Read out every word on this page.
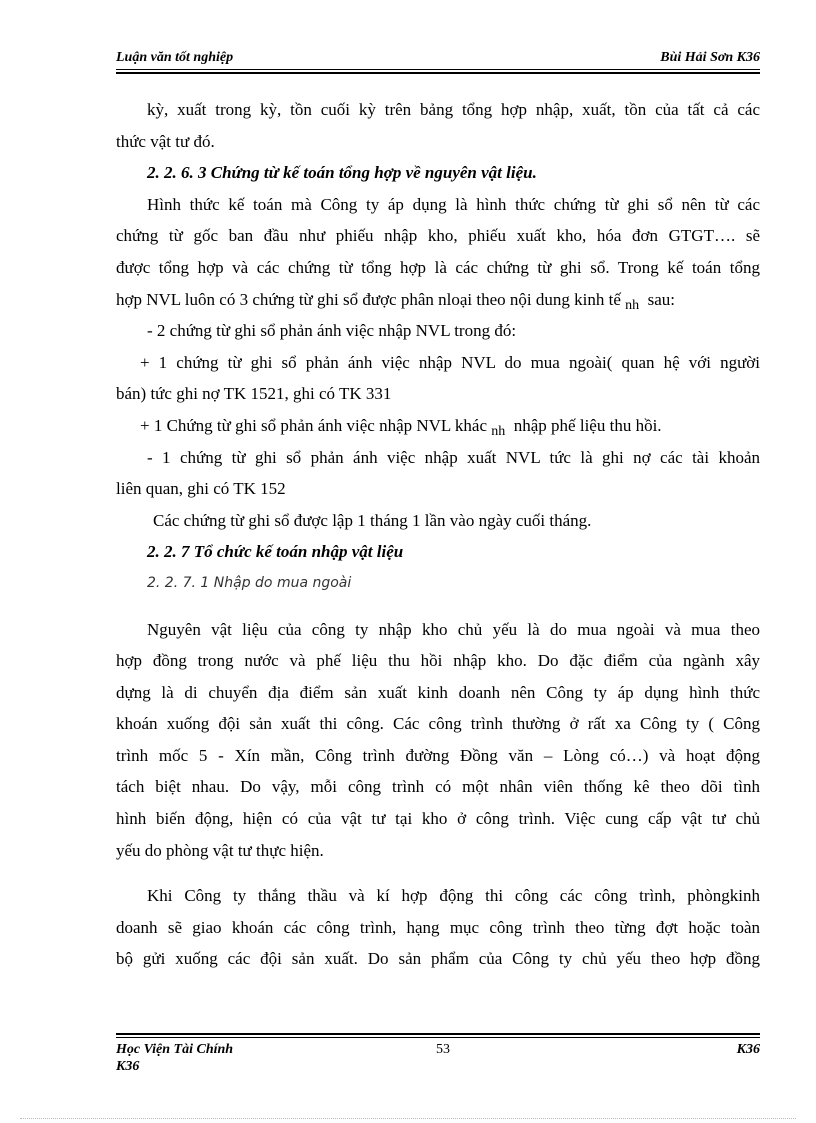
Luận văn tốt nghiệp	Bùi Hải Sơn K36
kỳ, xuất trong kỳ, tồn cuối kỳ trên bảng tổng hợp nhập, xuất, tồn của tất cả các
thức vật tư đó.
2. 2. 6. 3 Chứng từ kế toán tổng hợp về nguyên vật liệu.
Hình thức kế toán mà Công ty áp dụng là hình thức chứng từ ghi sổ nên từ các
chứng từ gốc ban đầu như phiếu nhập kho, phiếu xuất kho, hóa đơn GTGT…. sẽ
được tổng hợp và các chứng từ tổng hợp là các chứng từ ghi sổ. Trong kế toán tổng
hợp NVL luôn có 3 chứng từ ghi sổ được phân nloại theo nội dung kinh tế $_{nh}$ sau:
- 2 chứng từ ghi sổ phản ánh việc nhập NVL trong đó:
+ 1 chứng từ ghi sổ phản ánh việc nhập NVL do mua ngoài( quan hệ với người
bán) tức ghi nợ TK 1521, ghi có TK 331
+ 1 Chứng từ ghi sổ phản ánh việc nhập NVL khác $_{nh}$ nhập phế liệu thu hồi.
- 1 chứng từ ghi sổ phản ánh việc nhập xuất NVL tức là ghi nợ các tài khoản
liên quan, ghi có TK 152
Các chứng từ ghi sổ được lập 1 tháng 1 lần vào ngày cuối tháng.
2. 2. 7 Tổ chức kế toán nhập vật liệu
2. 2. 7. 1 Nhập do mua ngoài
Nguyên vật liệu của công ty nhập kho chủ yếu là do mua ngoài và mua theo
hợp đồng trong nước và phế liệu thu hồi nhập kho. Do đặc điểm của ngành xây
dựng là di chuyển địa điểm sản xuất kinh doanh nên Công ty áp dụng hình thức
khoán xuống đội sản xuất thi công. Các công trình thường ở rất xa Công ty ( Công
trình mốc 5 - Xín mần, Công trình đường Đồng văn – Lòng có…) và hoạt động
tách biệt nhau. Do vậy, mỗi công trình có một nhân viên thống kê theo dõi tình
hình biến động, hiện có của vật tư tại kho ở công trình. Việc cung cấp vật tư chủ
yếu do phòng vật tư thực hiện.
Khi Công ty thắng thầu và kí hợp động thi công các công trình, phòngkinh
doanh sẽ giao khoán các công trình, hạng mục công trình theo từng đợt hoặc toàn
bộ gửi xuống các đội sản xuất. Do sản phẩm của Công ty chủ yếu theo hợp đồng
Học Viện Tài Chính
K36
53	K36
